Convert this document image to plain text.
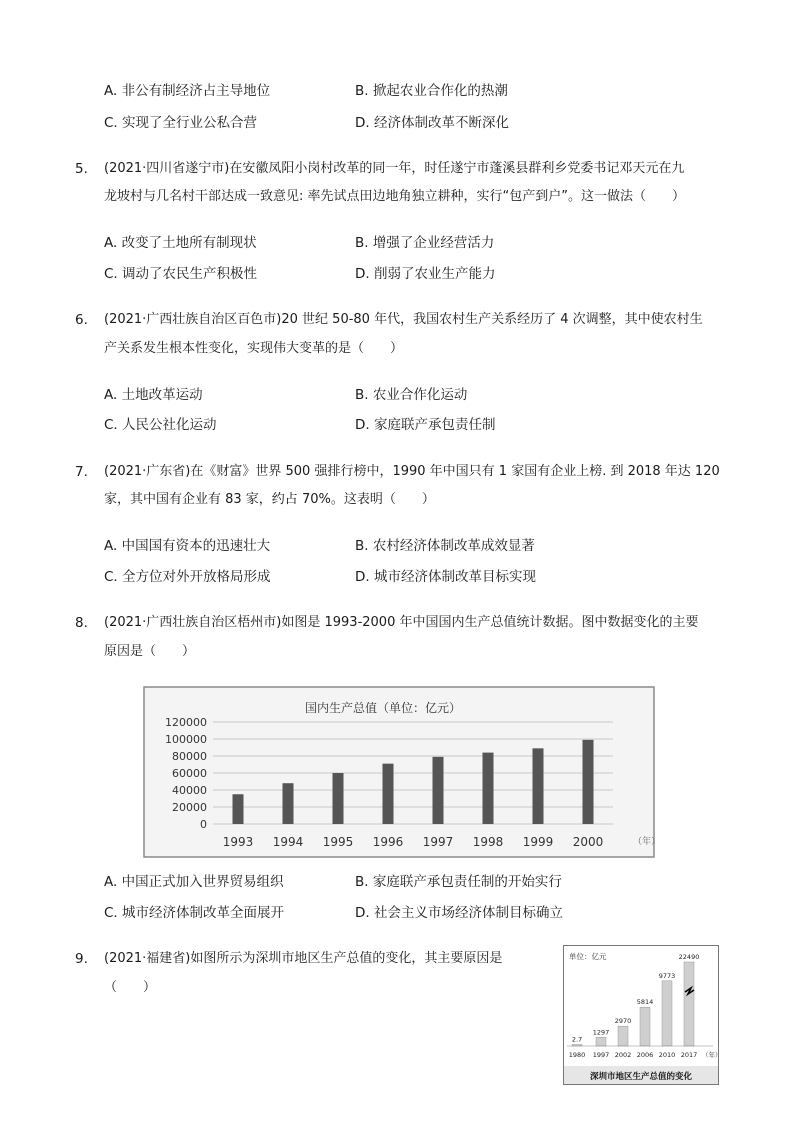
A. 非公有制经济占主导地位	B. 掀起农业合作化的热潮
C. 实现了全行业公私合营	D. 经济体制改革不断深化
5. (2021·四川省遂宁市)在安徽凤阳小岗村改革的同一年，时任遂宁市蓬溪县群利乡党委书记邓天元在九
龙坡村与几名村干部达成一致意见: 率先试点田边地角独立耕种，实行“包产到户”。这一做法（　　）
A. 改变了土地所有制现状	B. 增强了企业经营活力
C. 调动了农民生产积极性	D. 削弱了农业生产能力
6. (2021·广西壮族自治区百色市)20 世纪 50-80 年代，我国农村生产关系经历了 4 次调整，其中使农村生
产关系发生根本性变化，实现伟大变革的是（　　）
A. 土地改革运动	B. 农业合作化运动
C. 人民公社化运动	D. 家庭联产承包责任制
7. (2021·广东省)在《财富》世界 500 强排行榜中，1990 年中国只有 1 家国有企业上榜. 到 2018 年达 120
家，其中国有企业有 83 家，约占 70%。这表明（　　）
A. 中国国有资本的迅速壮大	B. 农村经济体制改革成效显著
C. 全方位对外开放格局形成	D. 城市经济体制改革目标实现
8. (2021·广西壮族自治区梧州市)如图是 1993-2000 年中国国内生产总值统计数据。图中数据变化的主要
原因是（　　）
国内生产总值（单位：亿元）
120000
100000
80000
60000
40000
20000
0
1993 1994 1995 1996 1997 1998 1999 2000	（年）
A. 中国正式加入世界贸易组织	B. 家庭联产承包责任制的开始实行
C. 城市经济体制改革全面展开	D. 社会主义市场经济体制目标确立
9. (2021·福建省)如图所示为深圳市地区生产总值的变化，其主要原因是
（　　）
单位：亿元
2.7
1297
2970
5814
9773
22490
1980 1997 2002 2006 2010 2017 （年）
深圳市地区生产总值的变化
